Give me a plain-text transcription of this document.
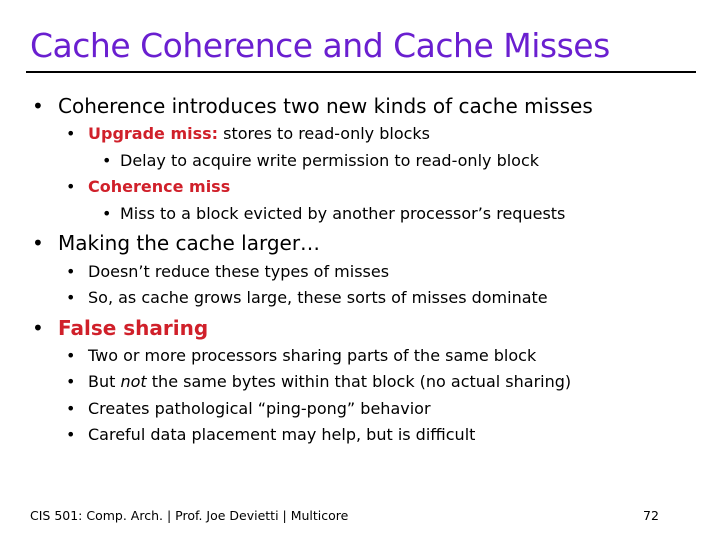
Cache Coherence and Cache Misses
• Coherence introduces two new kinds of cache misses
• Upgrade miss: stores to read-only blocks
• Delay to acquire write permission to read-only block
• Coherence miss
• Miss to a block evicted by another processor’s requests
• Making the cache larger…
• Doesn’t reduce these types of misses
• So, as cache grows large, these sorts of misses dominate
• False sharing
• Two or more processors sharing parts of the same block
• But not the same bytes within that block (no actual sharing)
• Creates pathological “ping-pong” behavior
• Careful data placement may help, but is difficult
CIS 501: Comp. Arch. | Prof. Joe Devietti | Multicore	72
